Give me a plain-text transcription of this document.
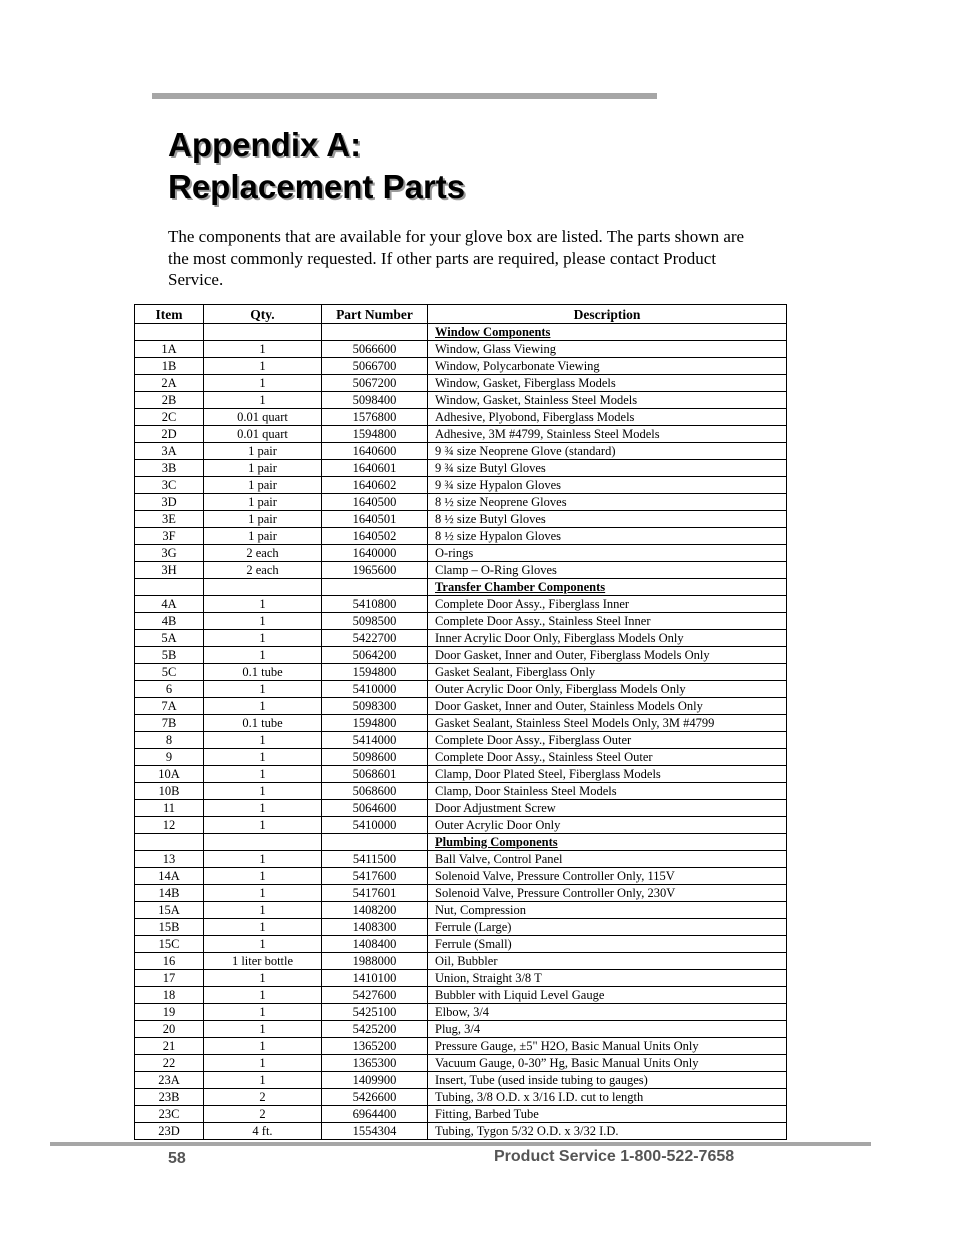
Appendix A:
Replacement Parts

The components that are available for your glove box are listed. The parts shown are the most commonly requested. If other parts are required, please contact Product Service.

Item	Qty.	Part Number	Description
			Window Components
1A	1	5066600	Window, Glass Viewing
1B	1	5066700	Window, Polycarbonate Viewing
2A	1	5067200	Window, Gasket, Fiberglass Models
2B	1	5098400	Window, Gasket, Stainless Steel Models
2C	0.01 quart	1576800	Adhesive, Plyobond, Fiberglass Models
2D	0.01 quart	1594800	Adhesive, 3M #4799, Stainless Steel Models
3A	1 pair	1640600	9 ¾ size Neoprene Glove (standard)
3B	1 pair	1640601	9 ¾ size Butyl Gloves
3C	1 pair	1640602	9 ¾ size Hypalon Gloves
3D	1 pair	1640500	8 ½ size Neoprene Gloves
3E	1 pair	1640501	8 ½ size Butyl Gloves
3F	1 pair	1640502	8 ½ size Hypalon Gloves
3G	2 each	1640000	O-rings
3H	2 each	1965600	Clamp – O-Ring Gloves
			Transfer Chamber Components
4A	1	5410800	Complete Door Assy., Fiberglass Inner
4B	1	5098500	Complete Door Assy., Stainless Steel Inner
5A	1	5422700	Inner Acrylic Door Only, Fiberglass Models Only
5B	1	5064200	Door Gasket, Inner and Outer, Fiberglass Models Only
5C	0.1 tube	1594800	Gasket Sealant, Fiberglass Only
6	1	5410000	Outer Acrylic Door Only, Fiberglass Models Only
7A	1	5098300	Door Gasket, Inner and Outer, Stainless Models Only
7B	0.1 tube	1594800	Gasket Sealant, Stainless Steel Models Only, 3M #4799
8	1	5414000	Complete Door Assy., Fiberglass Outer
9	1	5098600	Complete Door Assy., Stainless Steel Outer
10A	1	5068601	Clamp, Door Plated Steel, Fiberglass Models
10B	1	5068600	Clamp, Door Stainless Steel Models
11	1	5064600	Door Adjustment Screw
12	1	5410000	Outer Acrylic Door Only
			Plumbing Components
13	1	5411500	Ball Valve, Control Panel
14A	1	5417600	Solenoid Valve, Pressure Controller Only, 115V
14B	1	5417601	Solenoid Valve, Pressure Controller Only, 230V
15A	1	1408200	Nut, Compression
15B	1	1408300	Ferrule (Large)
15C	1	1408400	Ferrule (Small)
16	1 liter bottle	1988000	Oil, Bubbler
17	1	1410100	Union, Straight 3/8 T
18	1	5427600	Bubbler with Liquid Level Gauge
19	1	5425100	Elbow, 3/4
20	1	5425200	Plug, 3/4
21	1	1365200	Pressure Gauge, ±5" H2O, Basic Manual Units Only
22	1	1365300	Vacuum Gauge, 0-30” Hg, Basic Manual Units Only
23A	1	1409900	Insert, Tube (used inside tubing to gauges)
23B	2	5426600	Tubing, 3/8 O.D. x 3/16 I.D. cut to length
23C	2	6964400	Fitting, Barbed Tube
23D	4 ft.	1554304	Tubing, Tygon 5/32 O.D. x 3/32 I.D.
58	Product Service 1-800-522-7658
